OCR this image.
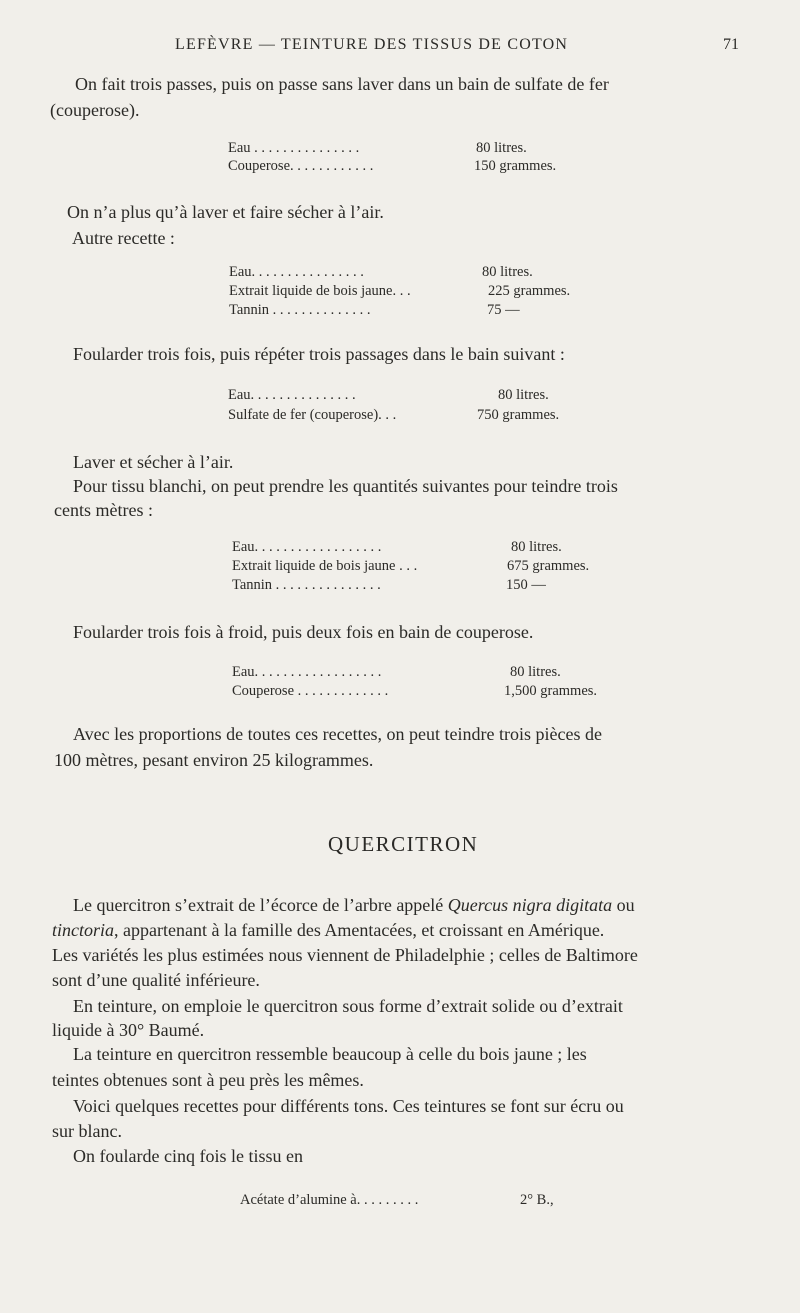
LEFÈVRE — TEINTURE DES TISSUS DE COTON	71
On fait trois passes, puis on passe sans laver dans un bain de sulfate de fer
(couperose).
Eau . . . . . . . . . . . . . . .	80 litres.
Couperose. . . . . . . . . . . .	150 grammes.
On n’a plus qu’à laver et faire sécher à l’air.
Autre recette :
Eau. . . . . . . . . . . . . . . .	80 litres.
Extrait liquide de bois jaune. . .	225 grammes.
Tannin . . . . . . . . . . . . . .	75 —
Foularder trois fois, puis répéter trois passages dans le bain suivant :
Eau. . . . . . . . . . . . . . .	80 litres.
Sulfate de fer (couperose). . .	750 grammes.
Laver et sécher à l’air.
Pour tissu blanchi, on peut prendre les quantités suivantes pour teindre trois
cents mètres :
Eau. . . . . . . . . . . . . . . . . .	80 litres.
Extrait liquide de bois jaune . . .	675 grammes.
Tannin . . . . . . . . . . . . . . .	150 —
Foularder trois fois à froid, puis deux fois en bain de couperose.
Eau. . . . . . . . . . . . . . . . . .	80 litres.
Couperose . . . . . . . . . . . . .	1,500 grammes.
Avec les proportions de toutes ces recettes, on peut teindre trois pièces de
100 mètres, pesant environ 25 kilogrammes.
QUERCITRON
Le quercitron s’extrait de l’écorce de l’arbre appelé Quercus nigra digitata ou
tinctoria, appartenant à la famille des Amentacées, et croissant en Amérique.
Les variétés les plus estimées nous viennent de Philadelphie ; celles de Baltimore
sont d’une qualité inférieure.
En teinture, on emploie le quercitron sous forme d’extrait solide ou d’extrait
liquide à 30° Baumé.
La teinture en quercitron ressemble beaucoup à celle du bois jaune ; les
teintes obtenues sont à peu près les mêmes.
Voici quelques recettes pour différents tons. Ces teintures se font sur écru ou
sur blanc.
On foularde cinq fois le tissu en
Acétate d’alumine à. . . . . . . . .	2° B.,
